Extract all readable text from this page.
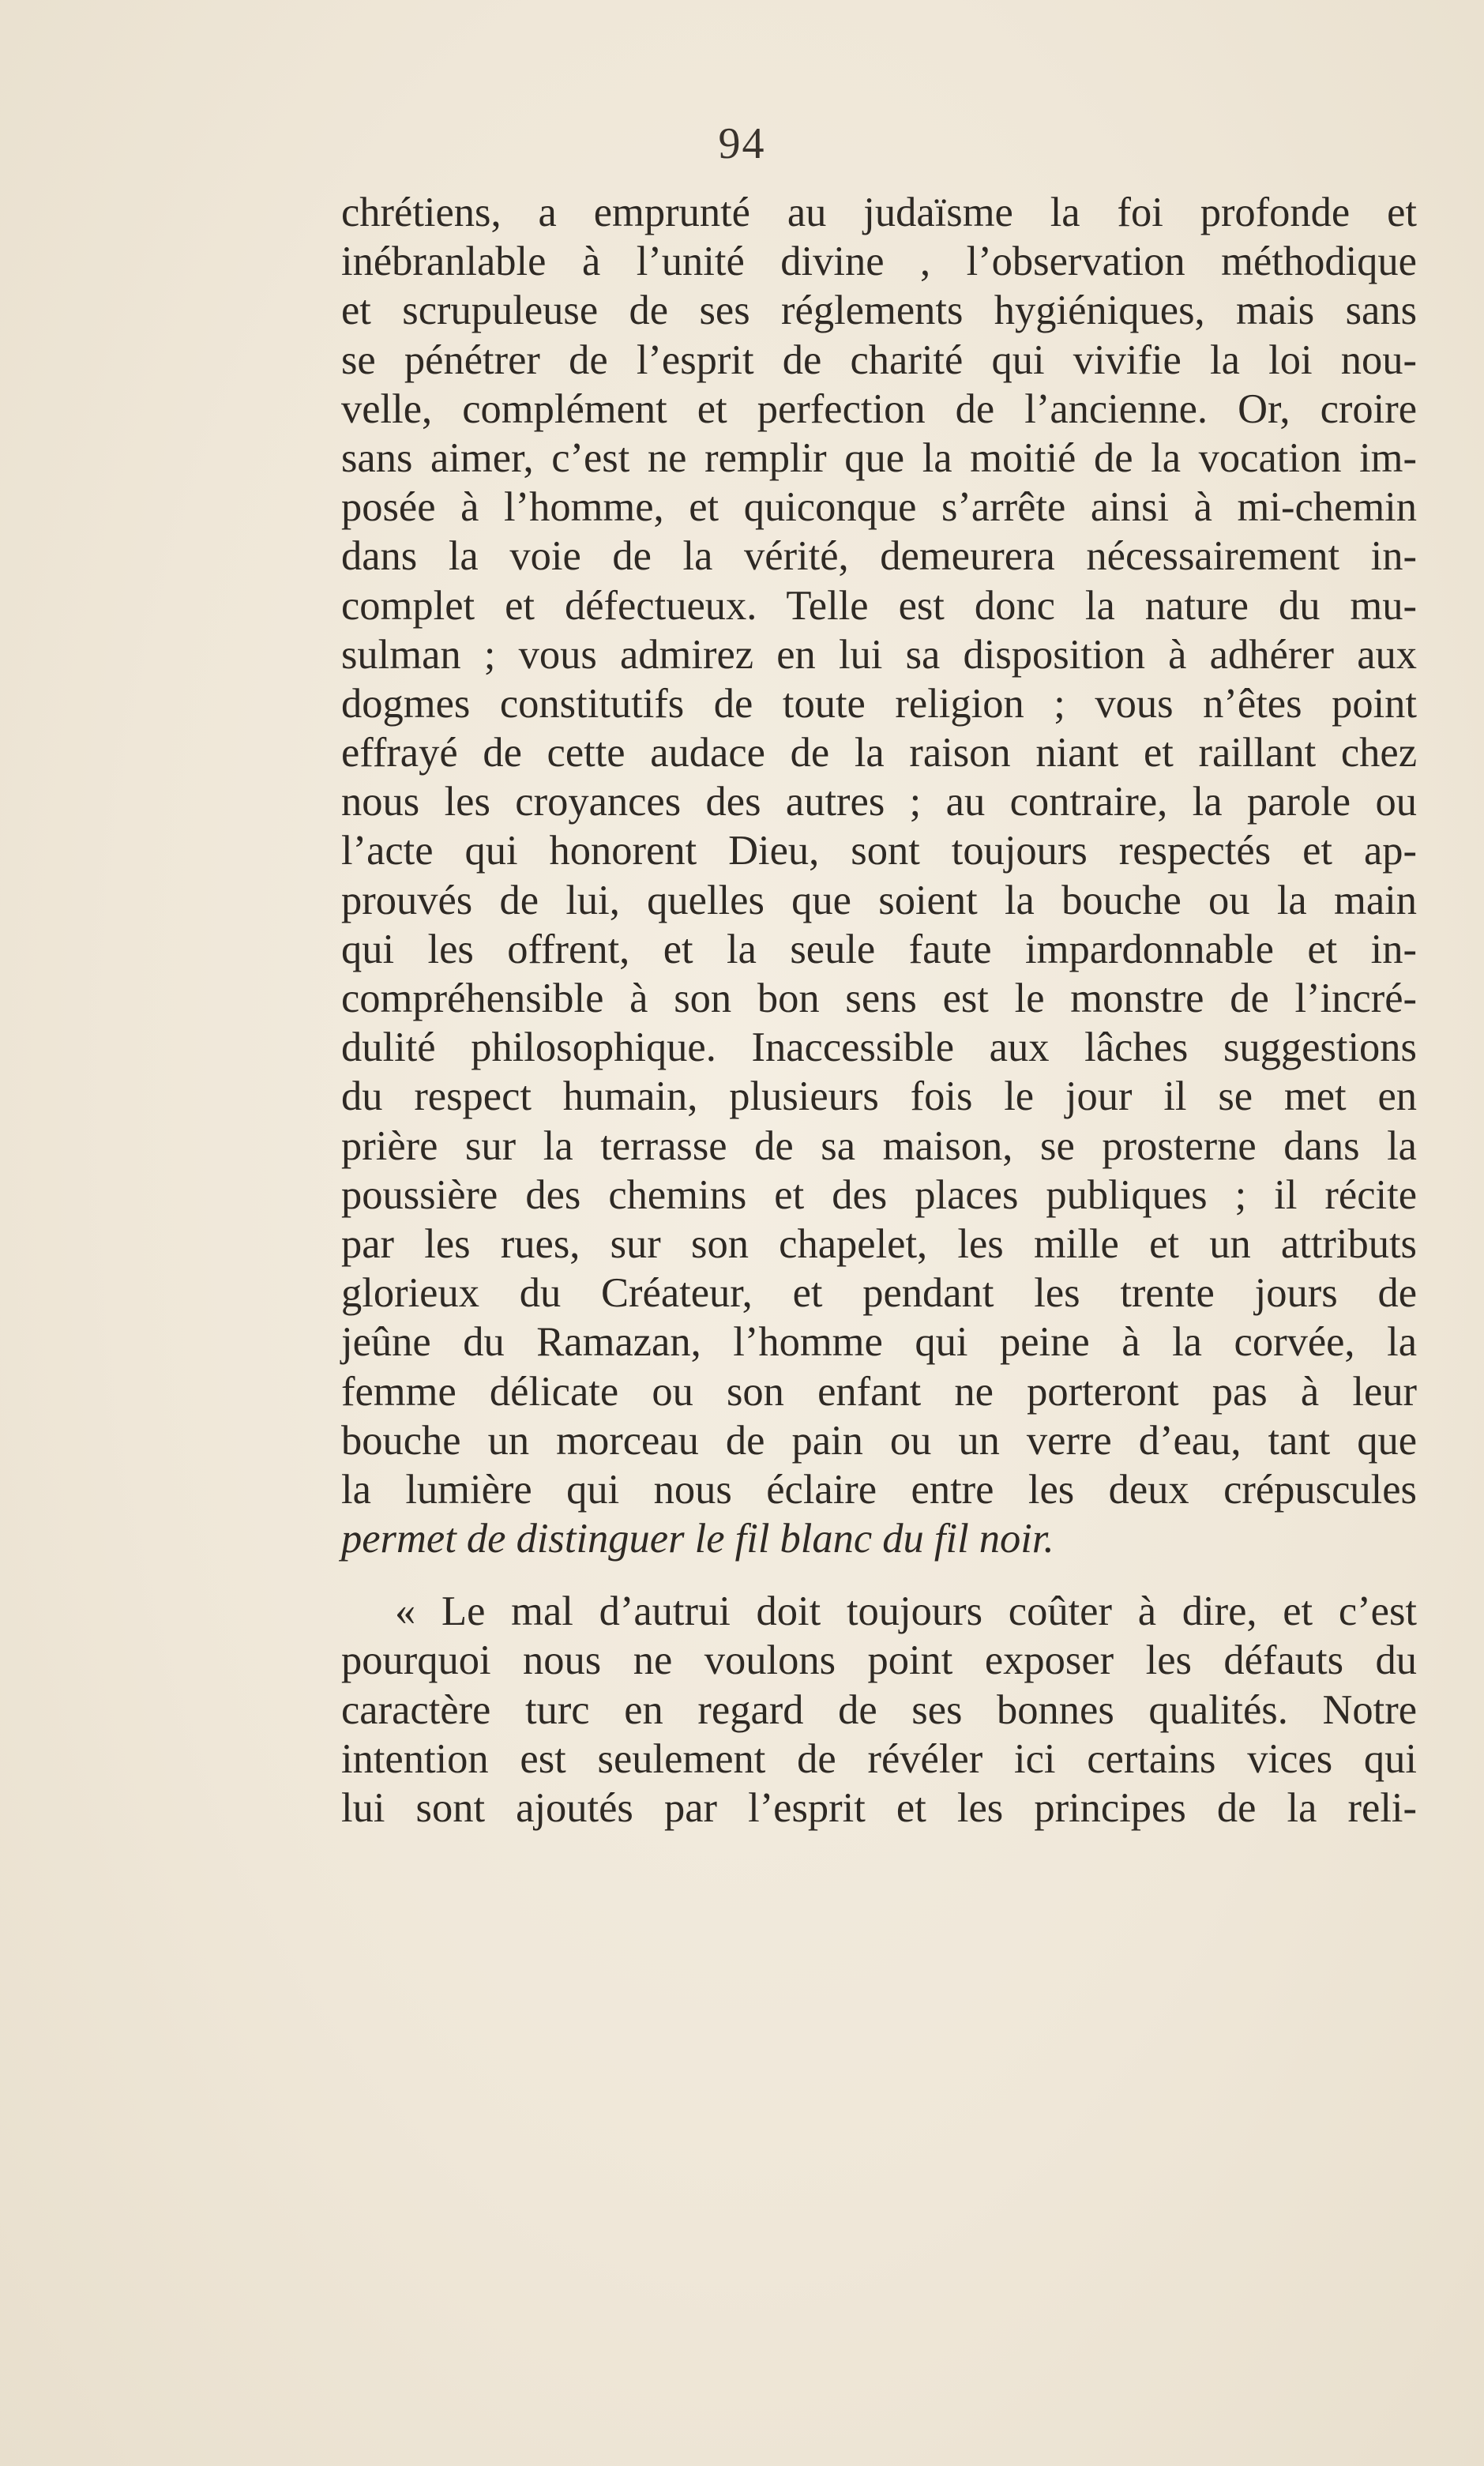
94
chrétiens, a emprunté au judaïsme la foi profonde et
inébranlable à l’unité divine , l’observation méthodique
et scrupuleuse de ses réglements hygiéniques, mais sans
se pénétrer de l’esprit de charité qui vivifie la loi nou-
velle, complément et perfection de l’ancienne. Or, croire
sans aimer, c’est ne remplir que la moitié de la vocation im-
posée à l’homme, et quiconque s’arrête ainsi à mi-chemin
dans la voie de la vérité, demeurera nécessairement in-
complet et défectueux. Telle est donc la nature du mu-
sulman ; vous admirez en lui sa disposition à adhérer aux
dogmes constitutifs de toute religion ; vous n’êtes point
effrayé de cette audace de la raison niant et raillant chez
nous les croyances des autres ; au contraire, la parole ou
l’acte qui honorent Dieu, sont toujours respectés et ap-
prouvés de lui, quelles que soient la bouche ou la main
qui les offrent, et la seule faute impardonnable et in-
compréhensible à son bon sens est le monstre de l’incré-
dulité philosophique. Inaccessible aux lâches suggestions
du respect humain, plusieurs fois le jour il se met en
prière sur la terrasse de sa maison, se prosterne dans la
poussière des chemins et des places publiques ; il récite
par les rues, sur son chapelet, les mille et un attributs
glorieux du Créateur, et pendant les trente jours de
jeûne du Ramazan, l’homme qui peine à la corvée, la
femme délicate ou son enfant ne porteront pas à leur
bouche un morceau de pain ou un verre d’eau, tant que
la lumière qui nous éclaire entre les deux crépuscules
permet de distinguer le fil blanc du fil noir.
« Le mal d’autrui doit toujours coûter à dire, et c’est
pourquoi nous ne voulons point exposer les défauts du
caractère turc en regard de ses bonnes qualités. Notre
intention est seulement de révéler ici certains vices qui
lui sont ajoutés par l’esprit et les principes de la reli-
